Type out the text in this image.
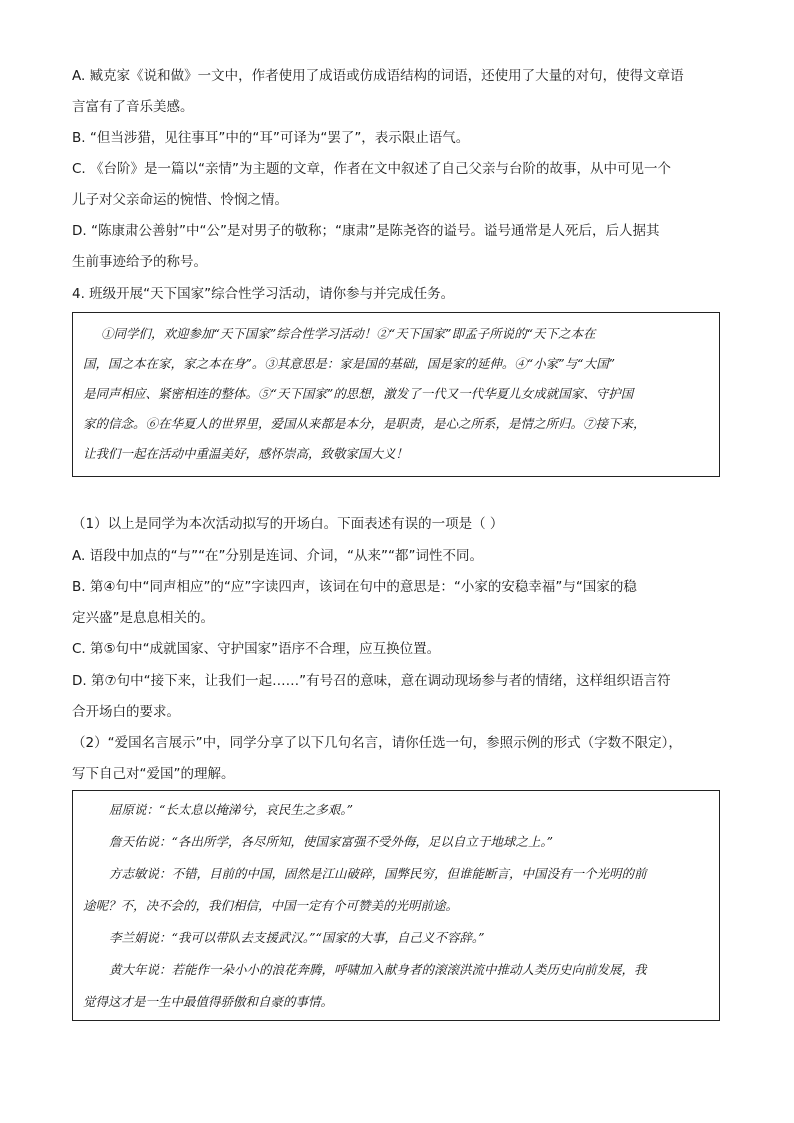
A. 臧克家《说和做》一文中，作者使用了成语或仿成语结构的词语，还使用了大量的对句，使得文章语
言富有了音乐美感。
B. “但当涉猎，见往事耳”中的“耳”可译为“罢了”，表示限止语气。
C. 《台阶》是一篇以“亲情”为主题的文章，作者在文中叙述了自己父亲与台阶的故事，从中可见一个
儿子对父亲命运的惋惜、怜悯之情。
D. “陈康肃公善射”中“公”是对男子的敬称；“康肃”是陈尧咨的谥号。谥号通常是人死后，后人据其
生前事迹给予的称号。
4. 班级开展“天下国家”综合性学习活动，请你参与并完成任务。
①同学们，欢迎参加“天下国家”综合性学习活动！②“天下国家”即孟子所说的“天下之本在
国，国之本在家，家之本在身”。③其意思是：家是国的基础，国是家的延伸。④“小家”与“大国”
是同声相应、紧密相连的整体。⑤“天下国家”的思想，激发了一代又一代华夏儿女成就国家、守护国
家的信念。⑥在华夏人的世界里，爱国从来都是本分，是职责，是心之所系，是情之所归。⑦接下来，
让我们一起在活动中重温美好，感怀崇高，致敬家国大义！
（1）以上是同学为本次活动拟写的开场白。下面表述有误的一项是（ ）
A. 语段中加点的“与”“在”分别是连词、介词，“从来”“都”词性不同。
B. 第④句中“同声相应”的“应”字读四声，该词在句中的意思是：“小家的安稳幸福”与“国家的稳
定兴盛”是息息相关的。
C. 第⑤句中“成就国家、守护国家”语序不合理，应互换位置。
D. 第⑦句中“接下来，让我们一起……”有号召的意味，意在调动现场参与者的情绪，这样组织语言符
合开场白的要求。
（2）“爱国名言展示”中，同学分享了以下几句名言，请你任选一句，参照示例的形式（字数不限定），
写下自己对“爱国”的理解。
屈原说：“长太息以掩涕兮，哀民生之多艰。”
詹天佑说：“各出所学，各尽所知，使国家富强不受外侮，足以自立于地球之上。”
方志敏说：不错，目前的中国，固然是江山破碎，国弊民穷，但谁能断言，中国没有一个光明的前
途呢？不，决不会的，我们相信，中国一定有个可赞美的光明前途。
李兰娟说：“我可以带队去支援武汉。”“国家的大事，自己义不容辞。”
黄大年说：若能作一朵小小的浪花奔腾，呼啸加入献身者的滚滚洪流中推动人类历史向前发展，我
觉得这才是一生中最值得骄傲和自豪的事情。
